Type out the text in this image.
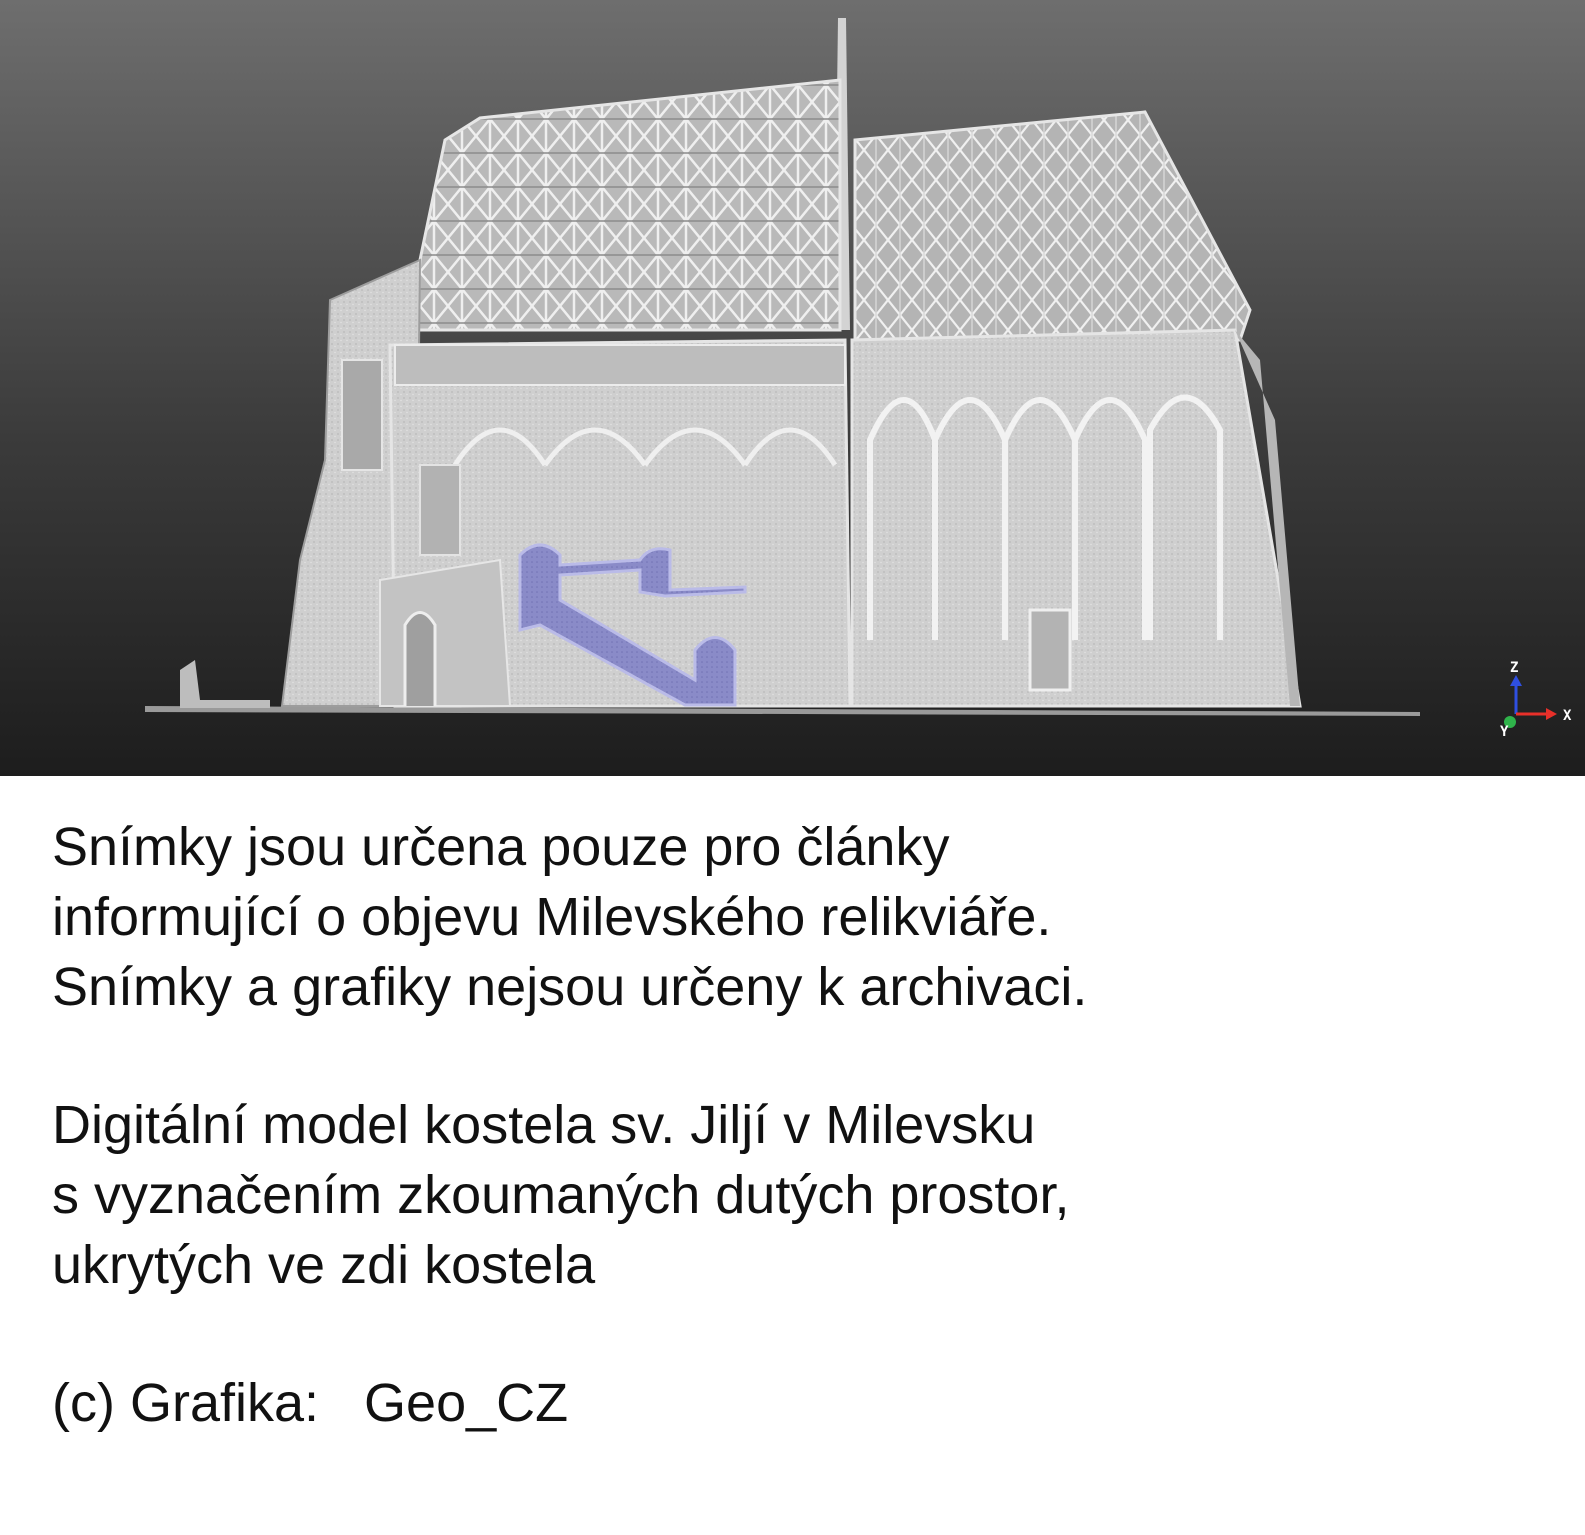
Z
X
Y

Snímky jsou určena pouze pro články

informující o objevu Milevského relikviáře.

Snímky a grafiky nejsou určeny k archivaci.

Digitální model kostela sv. Jiljí v Milevsku

s vyznačením zkoumaných dutých prostor,

ukrytých ve zdi kostela

(c) Grafika:   Geo_CZ
